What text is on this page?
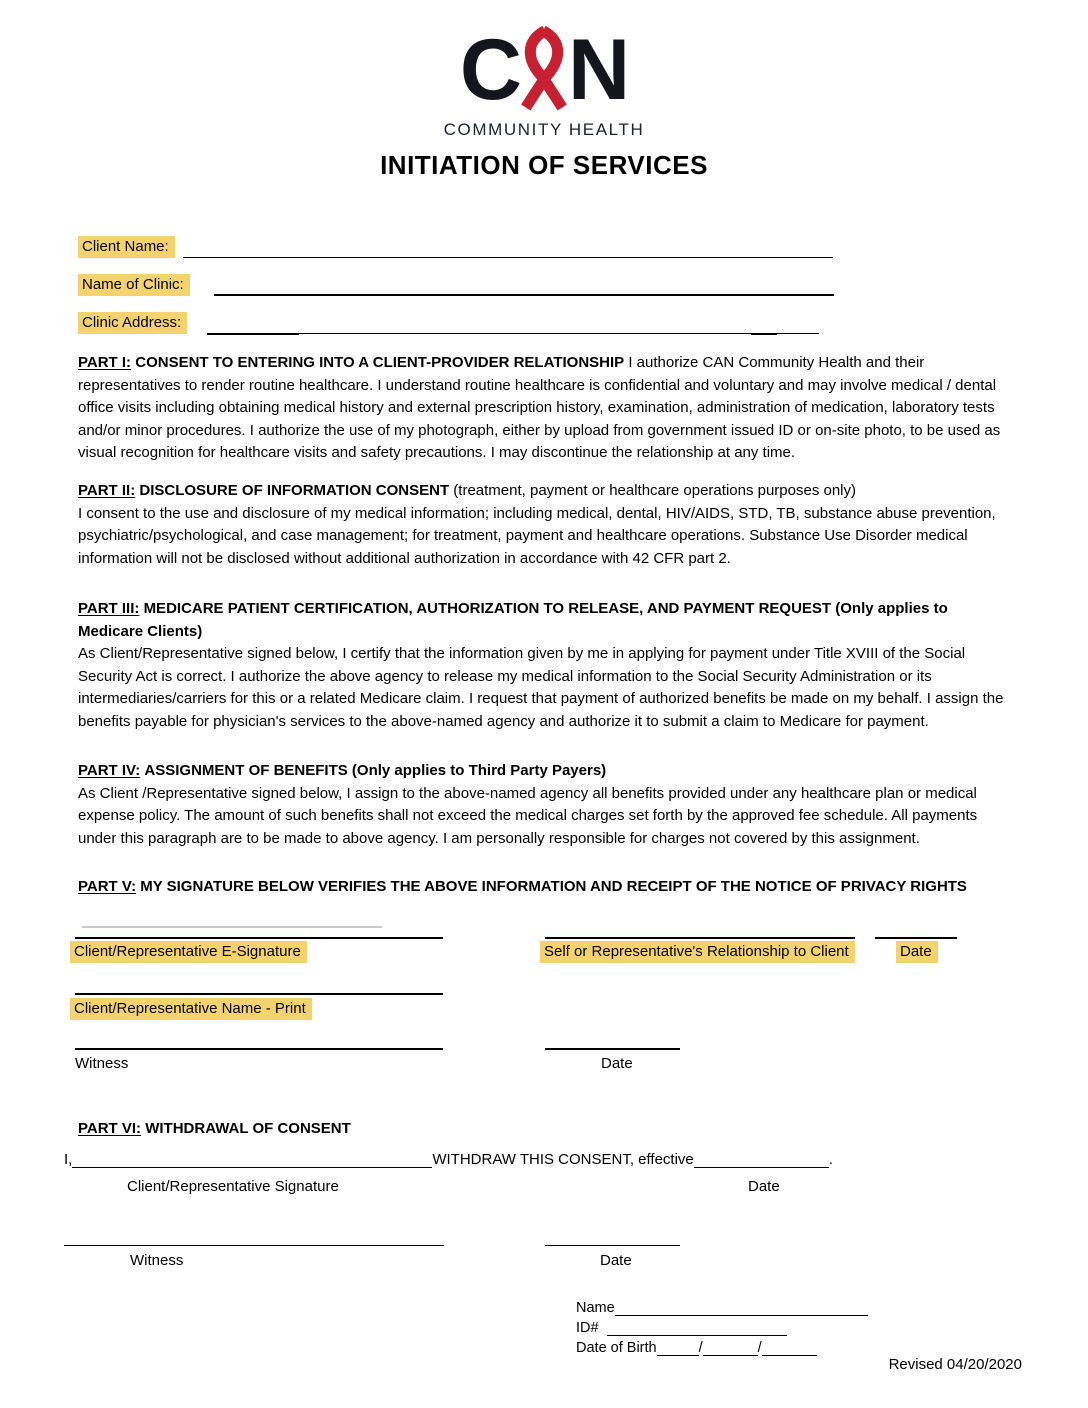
C N
COMMUNITY HEALTH
INITIATION OF SERVICES
Client Name:
Name of Clinic:
Clinic Address:
PART I: CONSENT TO ENTERING INTO A CLIENT-PROVIDER RELATIONSHIP I authorize CAN Community Health and their representatives to render routine healthcare. I understand routine healthcare is confidential and voluntary and may involve medical / dental office visits including obtaining medical history and external prescription history, examination, administration of medication, laboratory tests and/or minor procedures. I authorize the use of my photograph, either by upload from government issued ID or on-site photo, to be used as visual recognition for healthcare visits and safety precautions. I may discontinue the relationship at any time.
PART II: DISCLOSURE OF INFORMATION CONSENT (treatment, payment or healthcare operations purposes only)
I consent to the use and disclosure of my medical information; including medical, dental, HIV/AIDS, STD, TB, substance abuse prevention, psychiatric/psychological, and case management; for treatment, payment and healthcare operations. Substance Use Disorder medical information will not be disclosed without additional authorization in accordance with 42 CFR part 2.
PART III: MEDICARE PATIENT CERTIFICATION, AUTHORIZATION TO RELEASE, AND PAYMENT REQUEST (Only applies to Medicare Clients)
As Client/Representative signed below, I certify that the information given by me in applying for payment under Title XVIII of the Social Security Act is correct. I authorize the above agency to release my medical information to the Social Security Administration or its intermediaries/carriers for this or a related Medicare claim. I request that payment of authorized benefits be made on my behalf. I assign the benefits payable for physician's services to the above-named agency and authorize it to submit a claim to Medicare for payment.
PART IV: ASSIGNMENT OF BENEFITS (Only applies to Third Party Payers)
As Client /Representative signed below, I assign to the above-named agency all benefits provided under any healthcare plan or medical expense policy. The amount of such benefits shall not exceed the medical charges set forth by the approved fee schedule. All payments under this paragraph are to be made to above agency. I am personally responsible for charges not covered by this assignment.
PART V: MY SIGNATURE BELOW VERIFIES THE ABOVE INFORMATION AND RECEIPT OF THE NOTICE OF PRIVACY RIGHTS
Client/Representative E-Signature	Self or Representative's Relationship to Client	Date
Client/Representative Name - Print
Witness	Date
PART VI: WITHDRAWAL OF CONSENT
I,	WITHDRAW THIS CONSENT, effective	.
Client/Representative Signature	Date
Witness	Date
Name
ID#
Date of Birth	/	/
Revised 04/20/2020
